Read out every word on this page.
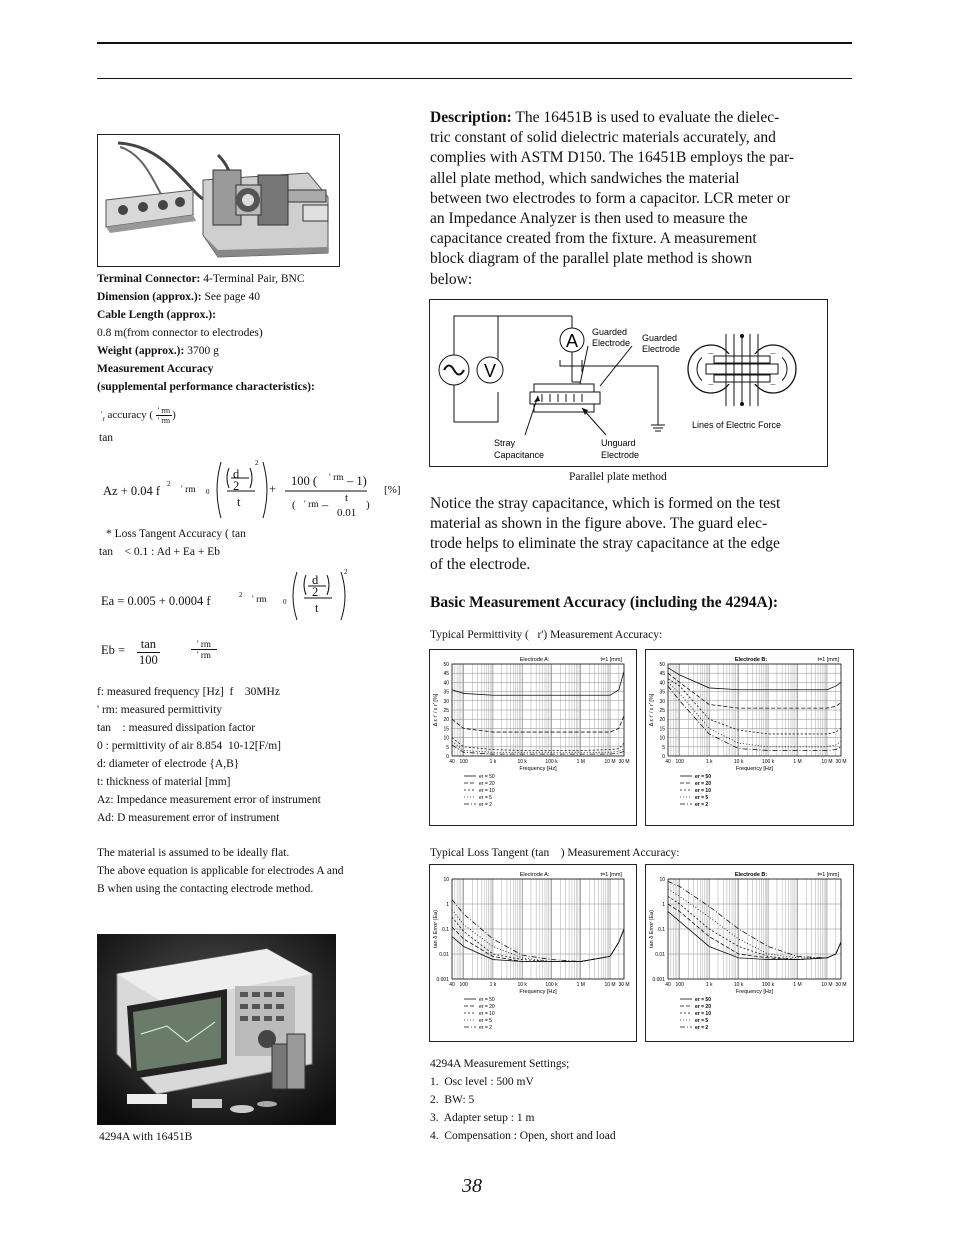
Terminal Connector: 4-Terminal Pair, BNC
Dimension (approx.): See page 40
Cable Length (approx.):
0.8 m(from connector to electrodes)
Weight (approx.): 3700 g
Measurement Accuracy
(supplemental performance characteristics):
'$_r$ accuracy ( $\frac{' rm}{' rm}$ )
tan
Az + 0.04 f 2
' rm 0
d
2
2
t
+
100 ( ' rm – 1)
( ' rm – t
0.01
)
[%]
* Loss Tangent Accuracy ( tan
tan    < 0.1 : Ad + Ea + Eb
Ea = 0.005 + 0.0004 f	2 ' rm 0
d
2
2
t
$Eb = \frac{\tan}{100}$	$\frac{' rm}{' rm}$
f: measured frequency [Hz]  f    30MHz
' rm: measured permittivity
tan    : measured dissipation factor
0 : permittivity of air 8.854  10-12[F/m]
d: diameter of electrode {A,B}
t: thickness of material [mm]
Az: Impedance measurement error of instrument
Ad: D measurement error of instrument
The material is assumed to be ideally flat.
The above equation is applicable for electrodes A and
B when using the contacting electrode method.
4294A with 16451B
Description: The 16451B is used to evaluate the dielec-
tric constant of solid dielectric materials accurately, and
complies with ASTM D150. The 16451B employs the par-
allel plate method, which sandwiches the material
between two electrodes to form a capacitor. LCR meter or
an Impedance Analyzer is then used to measure the
capacitance created from the fixture. A measurement
block diagram of the parallel plate method is shown
below:
V
A Guarded
Electrode Guarded
Electrode
Stray
Capacitance
Unguard
Electrode
Lines of Electric Force
Parallel plate method
Notice the stray capacitance, which is formed on the test
material as shown in the figure above. The guard elec-
trode helps to eliminate the stray capacitance at the edge
of the electrode.
Basic Measurement Accuracy (including the 4294A):
Typical Permittivity (   r') Measurement Accuracy:
0
5
10
15
20
25
30
35
40
45
50
40 100	1 k	10 k	100 k	1 M	10 M 30 M
Frequency [Hz]
Δ ε r' / ε r' [%]
Electrode A:	t=1 [mm]
er = 50
er = 20
er = 10
er = 5
er = 2
0
5
10
15
20
25
30
35
40
45
50
40 100	1 k	10 k	100 k	1 M	10 M 30 M
Frequency [Hz]
Δ ε r' / ε r' [%]
Electrode B:	t=1 [mm]
er = 50
er = 20
er = 10
er = 5
er = 2
Typical Loss Tangent (tan    ) Measurement Accuracy:
0.001
0.01
0.1
1
10
40 100	1 k	10 k	100 k	1 M	10 M 30 M
Frequency [Hz]
tan δ Error (Ea)
Electrode A:	t=1 [mm]
er = 50
er = 20
er = 10
er = 5
er = 2
0.001
0.01
0.1
1
10
40 100	1 k	10 k	100 k	1 M	10 M 30 M
Frequency [Hz]
tan δ Error (Ea)
Electrode B:	t=1 [mm]
er = 50
er = 20
er = 10
er = 5
er = 2
4294A Measurement Settings;
1.  Osc level : 500 mV
2.  BW: 5
3.  Adapter setup : 1 m
4.  Compensation : Open, short and load
38
